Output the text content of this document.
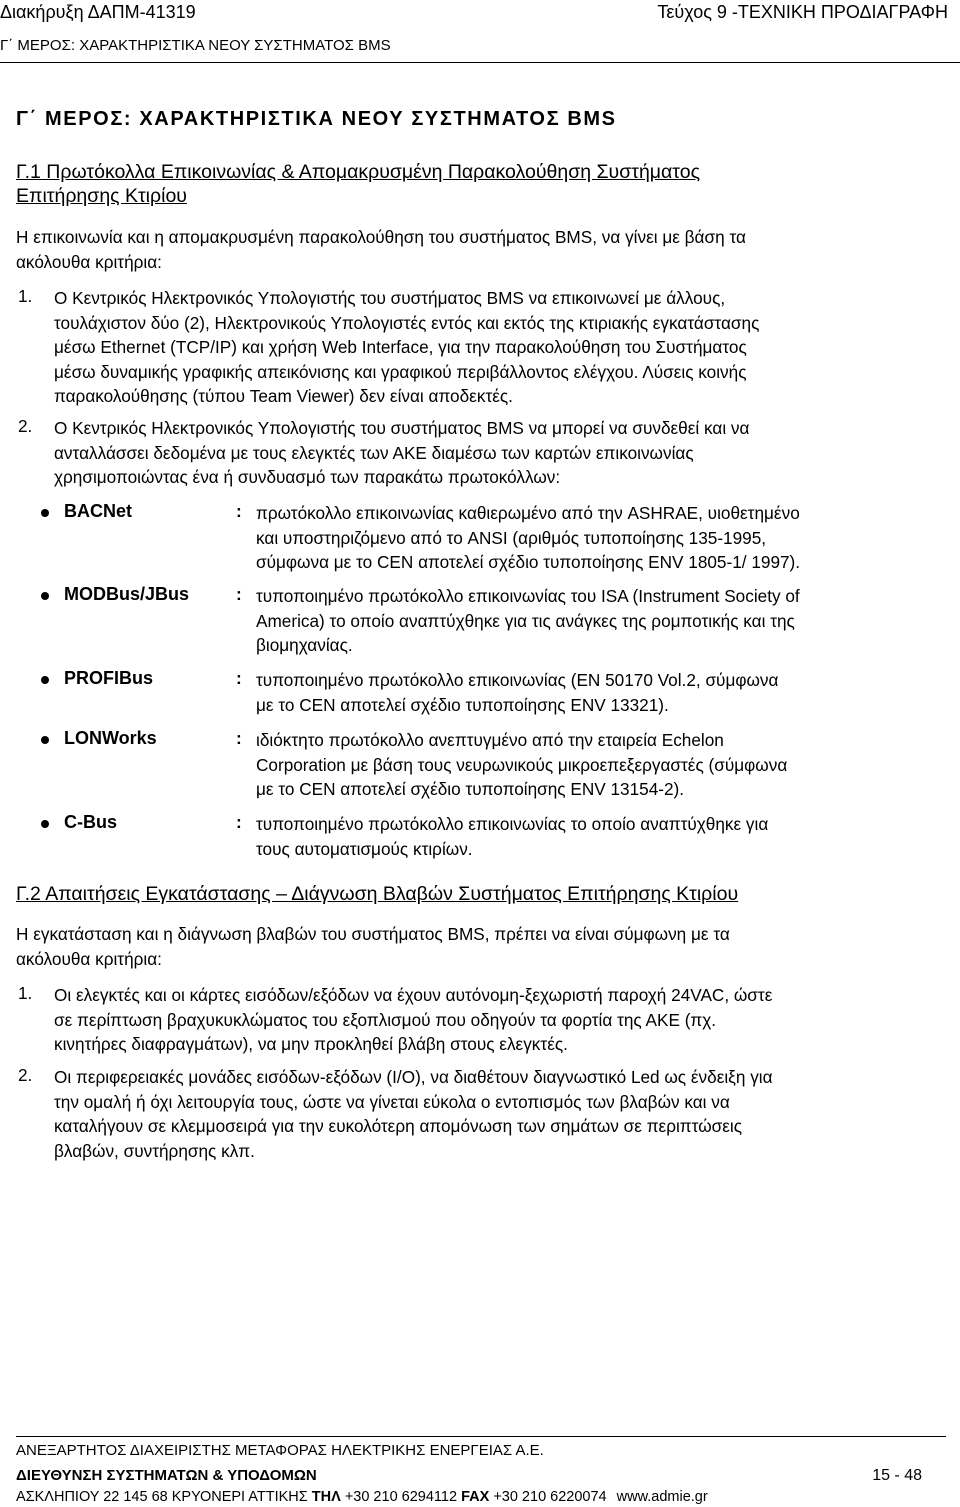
Διακήρυξη ΔΑΠΜ-41319	Τεύχος 9 -ΤΕΧΝΙΚΗ ΠΡΟΔΙΑΓΡΑΦΗ
Γ΄ ΜΕΡΟΣ: ΧΑΡΑΚΤΗΡΙΣΤΙΚΑ ΝΕΟΥ ΣΥΣΤΗΜΑΤΟΣ BMS
Γ΄ ΜΕΡΟΣ: ΧΑΡΑΚΤΗΡΙΣΤΙΚΑ ΝΕΟΥ ΣΥΣΤΗΜΑΤΟΣ BMS
Γ.1 Πρωτόκολλα Επικοινωνίας & Απομακρυσμένη Παρακολούθηση Συστήματος
Επιτήρησης Κτιρίου
Η επικοινωνία και η απομακρυσμένη παρακολούθηση του συστήματος BMS, να γίνει με βάση τα
ακόλουθα κριτήρια:
1. Ο Κεντρικός Ηλεκτρονικός Υπολογιστής του συστήματος BMS να επικοινωνεί με άλλους,
τουλάχιστον δύο (2), Ηλεκτρονικούς Υπολογιστές εντός και εκτός της κτιριακής εγκατάστασης
μέσω Ethernet (TCP/IP) και χρήση Web Interface, για την παρακολούθηση του Συστήματος
μέσω δυναμικής γραφικής απεικόνισης και γραφικού περιβάλλοντος ελέγχου. Λύσεις κοινής
παρακολούθησης (τύπου Team Viewer) δεν είναι αποδεκτές.
2. Ο Κεντρικός Ηλεκτρονικός Υπολογιστής του συστήματος BMS να μπορεί να συνδεθεί και να
ανταλλάσσει δεδομένα με τους ελεγκτές των ΑΚΕ διαμέσω των καρτών επικοινωνίας
χρησιμοποιώντας ένα ή συνδυασμό των παρακάτω πρωτοκόλλων:
BACNet	: πρωτόκολλο επικοινωνίας καθιερωμένο από την ASHRAE, υιοθετημένο
και υποστηριζόμενο από το ANSI (αριθμός τυποποίησης 135-1995,
σύμφωνα με το CEN αποτελεί σχέδιο τυποποίησης ENV 1805-1/ 1997).
MODBus/JBus	: τυποποιημένο πρωτόκολλο επικοινωνίας του ISA (Instrument Society of
America) το οποίο αναπτύχθηκε για τις ανάγκες της ρομποτικής και της
βιομηχανίας.
PROFIBus	: τυποποιημένο πρωτόκολλο επικοινωνίας (EN 50170 Vol.2, σύμφωνα
με το CEN αποτελεί σχέδιο τυποποίησης ENV 13321).
LONWorks	: ιδιόκτητο πρωτόκολλο ανεπτυγμένο από την εταιρεία Echelon
Corporation με βάση τους νευρωνικούς μικροεπεξεργαστές (σύμφωνα
με το CEN αποτελεί σχέδιο τυποποίησης ENV 13154-2).
C-Bus	: τυποποιημένο πρωτόκολλο επικοινωνίας το οποίο αναπτύχθηκε για
τους αυτοματισμούς κτιρίων.
Γ.2 Απαιτήσεις Εγκατάστασης – Διάγνωση Βλαβών Συστήματος Επιτήρησης Κτιρίου
Η εγκατάσταση και η διάγνωση βλαβών του συστήματος BMS, πρέπει να είναι σύμφωνη με τα
ακόλουθα κριτήρια:
1. Οι ελεγκτές και οι κάρτες εισόδων/εξόδων να έχουν αυτόνομη-ξεχωριστή παροχή 24VAC, ώστε
σε περίπτωση βραχυκυκλώματος του εξοπλισμού που οδηγούν τα φορτία της ΑΚΕ (πχ.
κινητήρες διαφραγμάτων), να μην προκληθεί βλάβη στους ελεγκτές.
2. Οι περιφερειακές μονάδες εισόδων-εξόδων (I/O), να διαθέτουν διαγνωστικό Led ως ένδειξη για
την ομαλή ή όχι λειτουργία τους, ώστε να γίνεται εύκολα ο εντοπισμός των βλαβών και να
καταλήγουν σε κλεμμοσειρά για την ευκολότερη απομόνωση των σημάτων σε περιπτώσεις
βλαβών, συντήρησης κλπ.
ΑΝΕΞΑΡΤΗΤΟΣ ΔΙΑΧΕΙΡΙΣΤΗΣ ΜΕΤΑΦΟΡΑΣ ΗΛΕΚΤΡΙΚΗΣ ΕΝΕΡΓΕΙΑΣ Α.Ε.
ΔΙΕΥΘΥΝΣΗ ΣΥΣΤΗΜΑΤΩΝ & ΥΠΟΔΟΜΩΝ	15 - 48
ΑΣΚΛΗΠΙΟΥ 22 145 68 ΚΡΥΟΝΕΡΙ ΑΤΤΙΚΗΣ ΤΗΛ +30 210 6294112 FAX +30 210 6220074 www.admie.gr
